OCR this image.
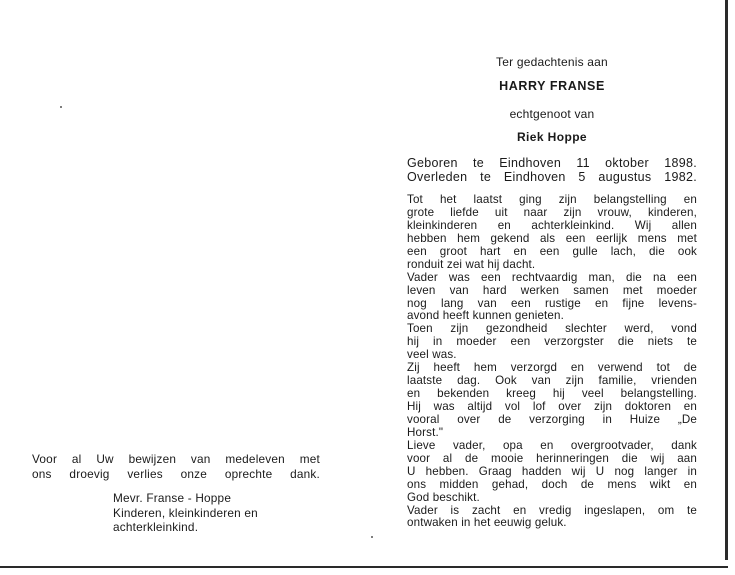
Ter gedachtenis aan
HARRY FRANSE
echtgenoot van
Riek Hoppe
Geboren te Eindhoven 11 oktober 1898.
Overleden te Eindhoven 5 augustus 1982.
Tot het laatst ging zijn belangstelling en
grote liefde uit naar zijn vrouw, kinderen,
kleinkinderen en achterkleinkind. Wij allen
hebben hem gekend als een eerlijk mens met
een groot hart en een gulle lach, die ook
ronduit zei wat hij dacht.
Vader was een rechtvaardig man, die na een
leven van hard werken samen met moeder
nog lang van een rustige en fijne levens-
avond heeft kunnen genieten.
Toen zijn gezondheid slechter werd, vond
hij in moeder een verzorgster die niets te
veel was.
Zij heeft hem verzorgd en verwend tot de
laatste dag. Ook van zijn familie, vrienden
en bekenden kreeg hij veel belangstelling.
Hij was altijd vol lof over zijn doktoren en
vooral over de verzorging in Huize „De
Horst."
Lieve vader, opa en overgrootvader, dank
voor al de mooie herinneringen die wij aan
U hebben. Graag hadden wij U nog langer in
ons midden gehad, doch de mens wikt en
God beschikt.
Vader is zacht en vredig ingeslapen, om te
ontwaken in het eeuwig geluk.
Voor al Uw bewijzen van medeleven met
ons droevig verlies onze oprechte dank.
Mevr. Franse - Hoppe
Kinderen, kleinkinderen en
achterkleinkind.
